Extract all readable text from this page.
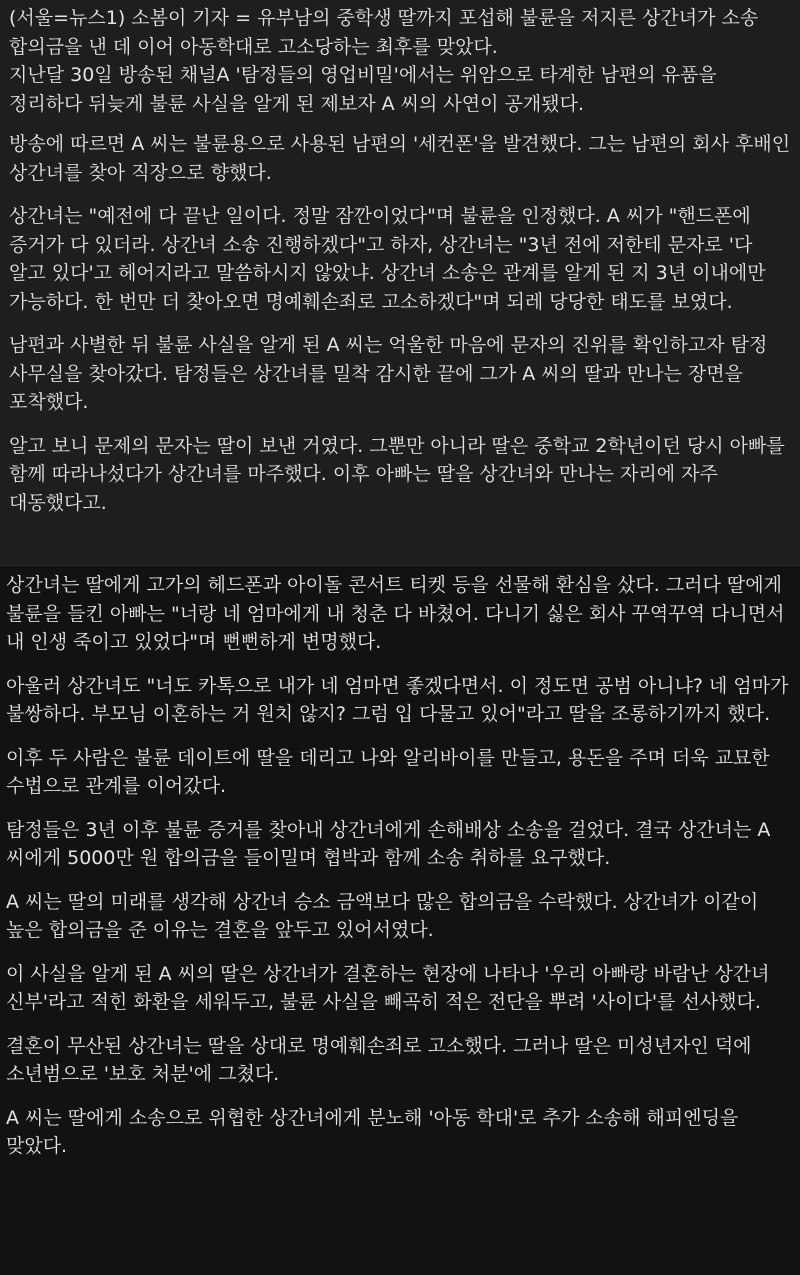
(서울=뉴스1) 소봄이 기자 = 유부남의 중학생 딸까지 포섭해 불륜을 저지른 상간녀가 소송 합의금을 낸 데 이어 아동학대로 고소당하는 최후를 맞았다.
지난달 30일 방송된 채널A '탐정들의 영업비밀'에서는 위암으로 타계한 남편의 유품을 정리하다 뒤늦게 불륜 사실을 알게 된 제보자 A 씨의 사연이 공개됐다.

방송에 따르면 A 씨는 불륜용으로 사용된 남편의 '세컨폰'을 발견했다. 그는 남편의 회사 후배인 상간녀를 찾아 직장으로 향했다.

상간녀는 "예전에 다 끝난 일이다. 정말 잠깐이었다"며 불륜을 인정했다. A 씨가 "핸드폰에 증거가 다 있더라. 상간녀 소송 진행하겠다"고 하자, 상간녀는 "3년 전에 저한테 문자로 '다 알고 있다'고 헤어지라고 말씀하시지 않았냐. 상간녀 소송은 관계를 알게 된 지 3년 이내에만 가능하다. 한 번만 더 찾아오면 명예훼손죄로 고소하겠다"며 되레 당당한 태도를 보였다.

남편과 사별한 뒤 불륜 사실을 알게 된 A 씨는 억울한 마음에 문자의 진위를 확인하고자 탐정 사무실을 찾아갔다. 탐정들은 상간녀를 밀착 감시한 끝에 그가 A 씨의 딸과 만나는 장면을 포착했다.

알고 보니 문제의 문자는 딸이 보낸 거였다. 그뿐만 아니라 딸은 중학교 2학년이던 당시 아빠를 함께 따라나섰다가 상간녀를 마주했다. 이후 아빠는 딸을 상간녀와 만나는 자리에 자주 대동했다고.

상간녀는 딸에게 고가의 헤드폰과 아이돌 콘서트 티켓 등을 선물해 환심을 샀다. 그러다 딸에게 불륜을 들킨 아빠는 "너랑 네 엄마에게 내 청춘 다 바쳤어. 다니기 싫은 회사 꾸역꾸역 다니면서 내 인생 죽이고 있었다"며 뻔뻔하게 변명했다.

아울러 상간녀도 "너도 카톡으로 내가 네 엄마면 좋겠다면서. 이 정도면 공범 아니냐? 네 엄마가 불쌍하다. 부모님 이혼하는 거 원치 않지? 그럼 입 다물고 있어"라고 딸을 조롱하기까지 했다.

이후 두 사람은 불륜 데이트에 딸을 데리고 나와 알리바이를 만들고, 용돈을 주며 더욱 교묘한 수법으로 관계를 이어갔다.

탐정들은 3년 이후 불륜 증거를 찾아내 상간녀에게 손해배상 소송을 걸었다. 결국 상간녀는 A 씨에게 5000만 원 합의금을 들이밀며 협박과 함께 소송 취하를 요구했다.

A 씨는 딸의 미래를 생각해 상간녀 승소 금액보다 많은 합의금을 수락했다. 상간녀가 이같이 높은 합의금을 준 이유는 결혼을 앞두고 있어서였다.

이 사실을 알게 된 A 씨의 딸은 상간녀가 결혼하는 현장에 나타나 '우리 아빠랑 바람난 상간녀 신부'라고 적힌 화환을 세워두고, 불륜 사실을 빼곡히 적은 전단을 뿌려 '사이다'를 선사했다.

결혼이 무산된 상간녀는 딸을 상대로 명예훼손죄로 고소했다. 그러나 딸은 미성년자인 덕에 소년범으로 '보호 처분'에 그쳤다.

A 씨는 딸에게 소송으로 위협한 상간녀에게 분노해 '아동 학대'로 추가 소송해 해피엔딩을 맞았다.
